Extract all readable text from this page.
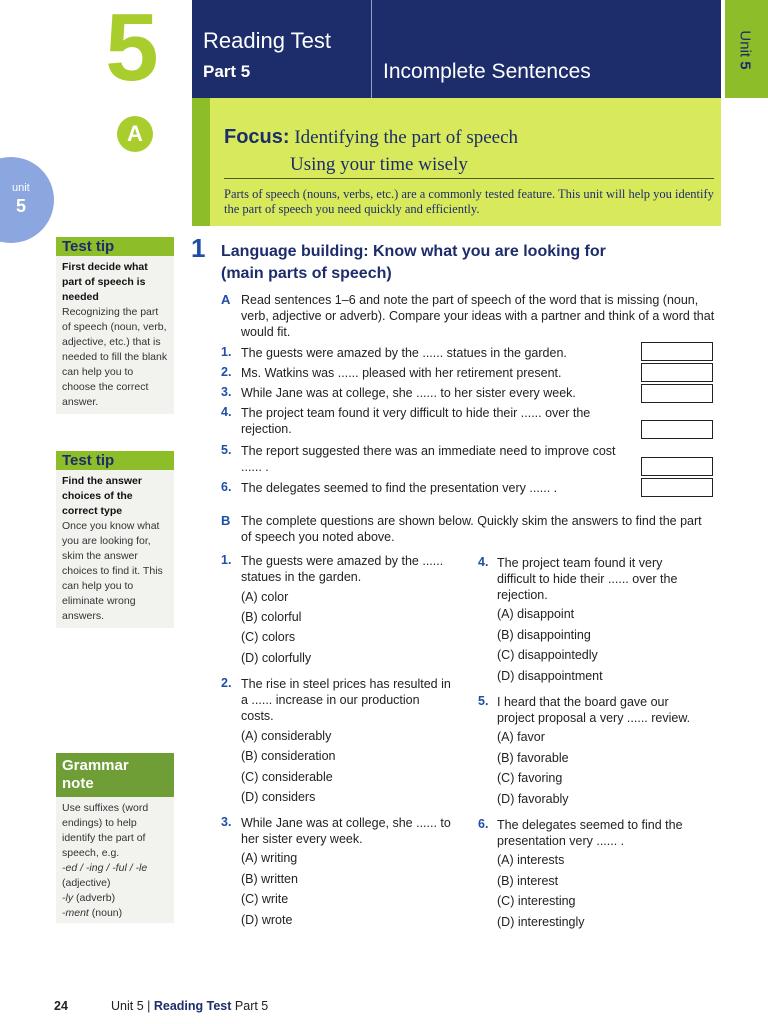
5
A
Reading Test
Part 5	Incomplete Sentences
Unit 5
unit
5
Focus: Identifying the part of speech
Using your time wisely
Parts of speech (nouns, verbs, etc.) are a commonly tested feature. This unit will help you identify the part of speech you need quickly and efficiently.
Test tip
First decide what part of speech is needed
Recognizing the part of speech (noun, verb, adjective, etc.) that is needed to fill the blank can help you to choose the correct answer.
Test tip
Find the answer choices of the correct type
Once you know what you are looking for, skim the answer choices to find it. This can help you to eliminate wrong answers.
Grammar
note
Use suffixes (word endings) to help identify the part of speech, e.g.
-ed / -ing / -ful / -le
(adjective)
-ly (adverb)
-ment (noun)
1 Language building: Know what you are looking for
(main parts of speech)
A Read sentences 1–6 and note the part of speech of the word that is missing (noun, verb, adjective or adverb). Compare your ideas with a partner and think of a word that would fit.
1. The guests were amazed by the ...... statues in the garden.
2. Ms. Watkins was ...... pleased with her retirement present.
3. While Jane was at college, she ...... to her sister every week.
4. The project team found it very difficult to hide their ...... over the rejection.
5. The report suggested there was an immediate need to improve cost ...... .
6. The delegates seemed to find the presentation very ...... .
B The complete questions are shown below. Quickly skim the answers to find the part of speech you noted above.
1. The guests were amazed by the ...... statues in the garden.
(A) color
(B) colorful
(C) colors
(D) colorfully
2. The rise in steel prices has resulted in a ...... increase in our production costs.
(A) considerably
(B) consideration
(C) considerable
(D) considers
3. While Jane was at college, she ...... to her sister every week.
(A) writing
(B) written
(C) write
(D) wrote
4. The project team found it very difficult to hide their ...... over the rejection.
(A) disappoint
(B) disappointing
(C) disappointedly
(D) disappointment
5. I heard that the board gave our project proposal a very ...... review.
(A) favor
(B) favorable
(C) favoring
(D) favorably
6. The delegates seemed to find the presentation very ...... .
(A) interests
(B) interest
(C) interesting
(D) interestingly
24	Unit 5 | Reading Test Part 5
